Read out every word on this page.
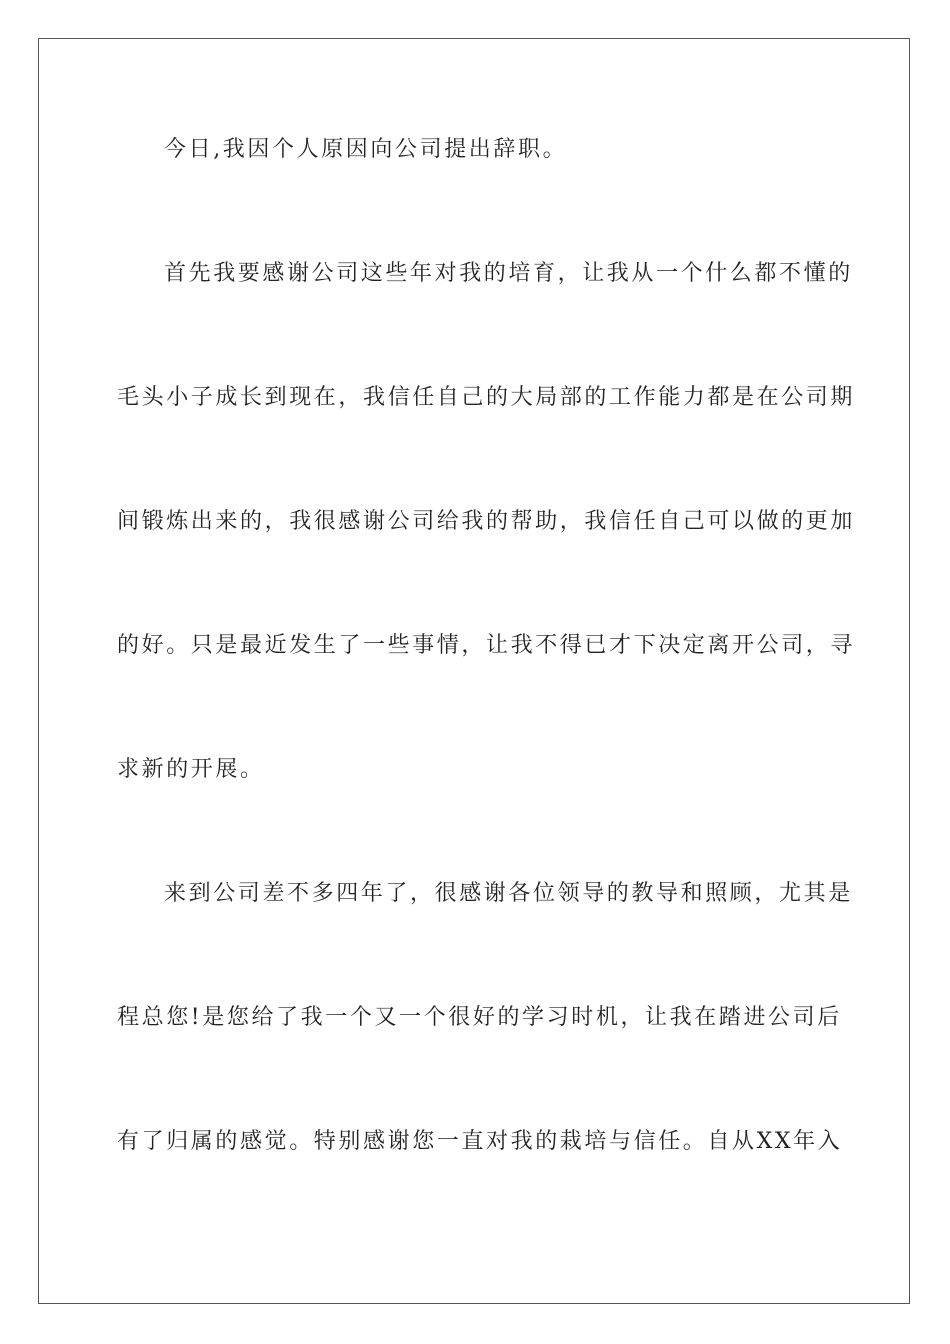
今日,我因个人原因向公司提出辞职。
首先我要感谢公司这些年对我的培育，让我从一个什么都不懂的
毛头小子成长到现在，我信任自己的大局部的工作能力都是在公司期
间锻炼出来的，我很感谢公司给我的帮助，我信任自己可以做的更加
的好。只是最近发生了一些事情，让我不得已才下决定离开公司，寻
求新的开展。
来到公司差不多四年了，很感谢各位领导的教导和照顾，尤其是
程总您!是您给了我一个又一个很好的学习时机，让我在踏进公司后
有了归属的感觉。特别感谢您一直对我的栽培与信任。自从XX年入
